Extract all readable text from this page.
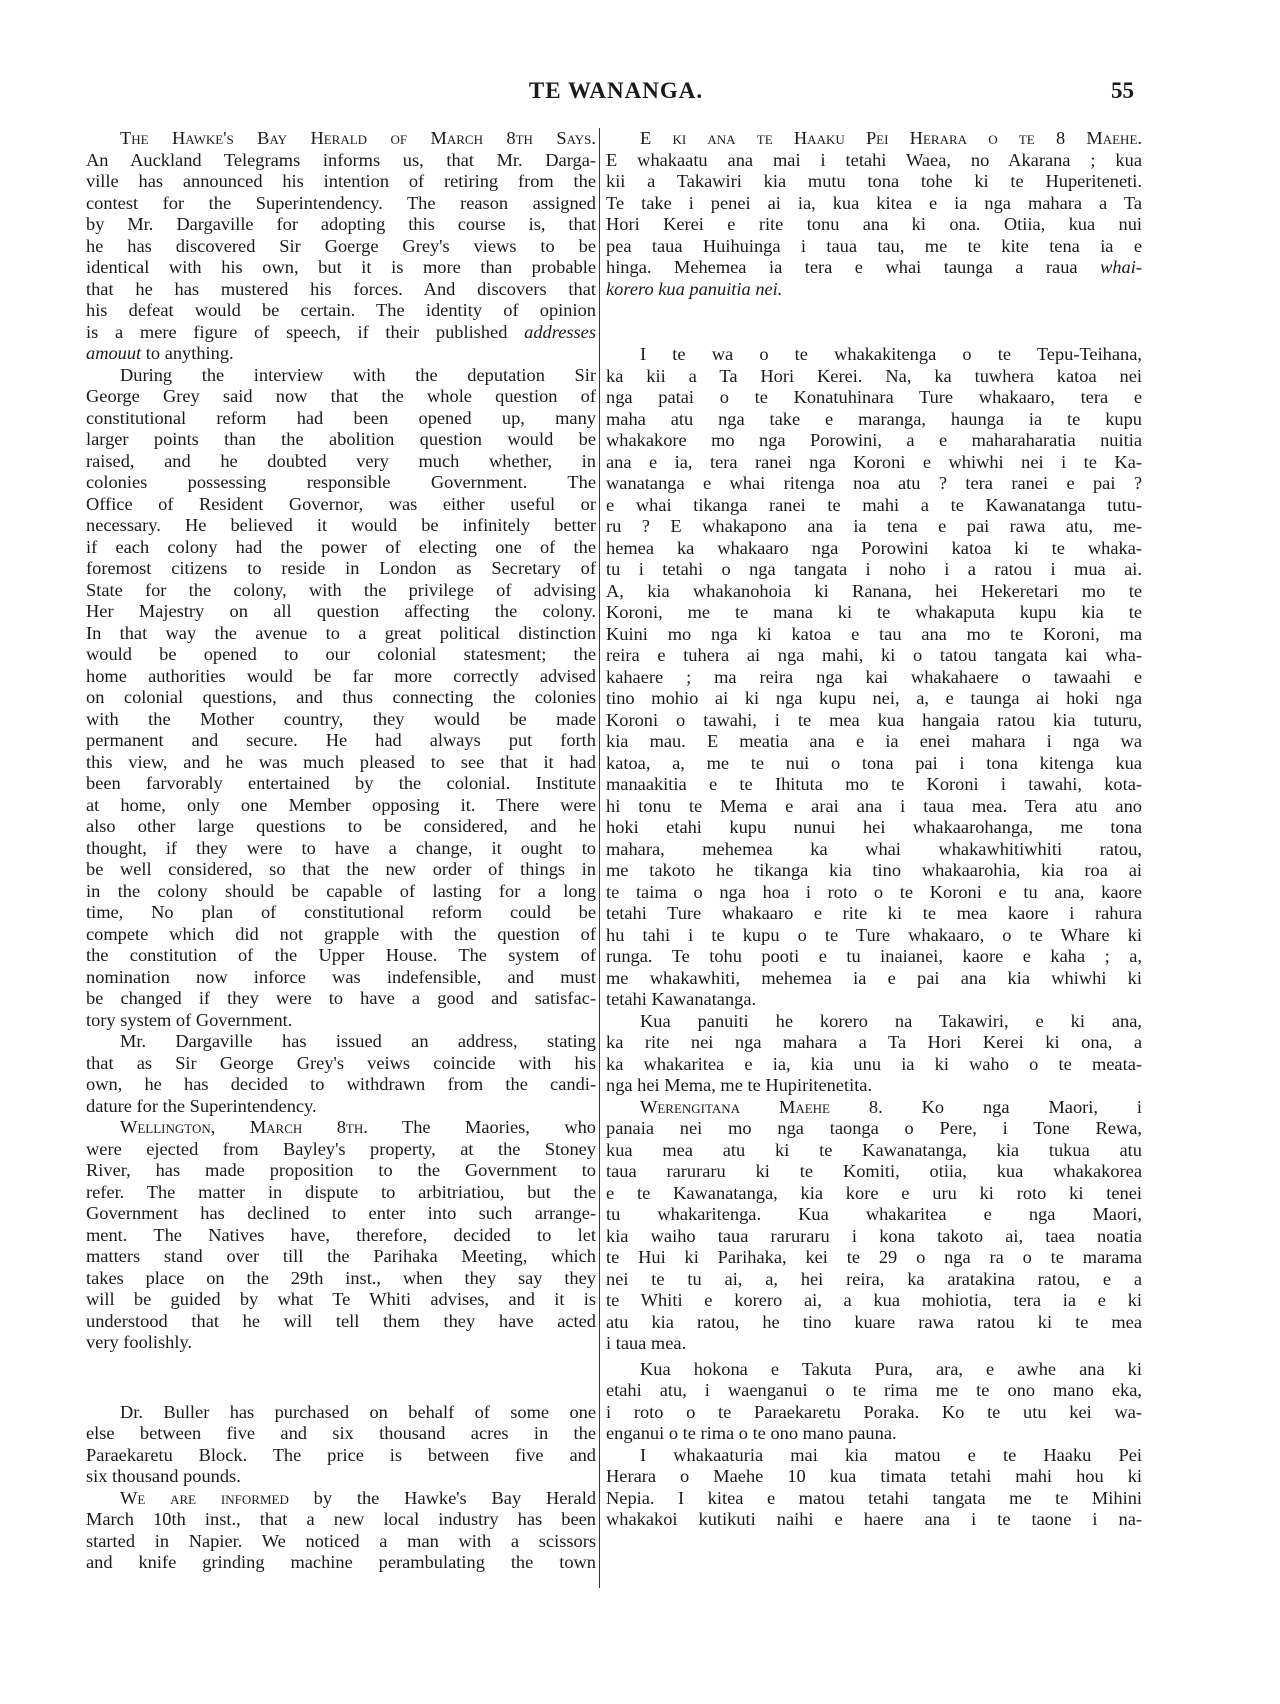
TE WANANGA.	55
The Hawke's Bay Herald of March 8th Says.
An Auckland Telegrams informs us, that Mr. Darga-
ville has announced his intention of retiring from the
contest for the Superintendency. The reason assigned
by Mr. Dargaville for adopting this course is, that
he has discovered Sir Goerge Grey's views to be
identical with his own, but it is more than probable
that he has mustered his forces. And discovers that
his defeat would be certain. The identity of opinion
is a mere figure of speech, if their published addresses
amouut to anything.
During the interview with the deputation Sir
George Grey said now that the whole question of
constitutional reform had been opened up, many
larger points than the abolition question would be
raised, and he doubted very much whether, in
colonies possessing responsible Government. The
Office of Resident Governor, was either useful or
necessary. He believed it would be infinitely better
if each colony had the power of electing one of the
foremost citizens to reside in London as Secretary of
State for the colony, with the privilege of advising
Her Majestry on all question affecting the colony.
In that way the avenue to a great political distinction
would be opened to our colonial statesment; the
home authorities would be far more correctly advised
on colonial questions, and thus connecting the colonies
with the Mother country, they would be made
permanent and secure. He had always put forth
this view, and he was much pleased to see that it had
been farvorably entertained by the colonial. Institute
at home, only one Member opposing it. There were
also other large questions to be considered, and he
thought, if they were to have a change, it ought to
be well considered, so that the new order of things in
in the colony should be capable of lasting for a long
time, No plan of constitutional reform could be
compete which did not grapple with the question of
the constitution of the Upper House. The system of
nomination now inforce was indefensible, and must
be changed if they were to have a good and satisfac-
tory system of Government.
Mr. Dargaville has issued an address, stating
that as Sir George Grey's veiws coincide with his
own, he has decided to withdrawn from the candi-
dature for the Superintendency.
Wellington, March 8th. The Maories, who
were ejected from Bayley's property, at the Stoney
River, has made proposition to the Government to
refer. The matter in dispute to arbitriatiou, but the
Government has declined to enter into such arrange-
ment. The Natives have, therefore, decided to let
matters stand over till the Parihaka Meeting, which
takes place on the 29th inst., when they say they
will be guided by what Te Whiti advises, and it is
understood that he will tell them they have acted
very foolishly.
Dr. Buller has purchased on behalf of some one
else between five and six thousand acres in the
Paraekaretu Block. The price is between five and
six thousand pounds.
We are informed by the Hawke's Bay Herald
March 10th inst., that a new local industry has been
started in Napier. We noticed a man with a scissors
and knife grinding machine perambulating the town
E ki ana te Haaku Pei Herara o te 8 Maehe.
E whakaatu ana mai i tetahi Waea, no Akarana ; kua
kii a Takawiri kia mutu tona tohe ki te Huperiteneti.
Te take i penei ai ia, kua kitea e ia nga mahara a Ta
Hori Kerei e rite tonu ana ki ona. Otiia, kua nui
pea taua Huihuinga i taua tau, me te kite tena ia e
hinga. Mehemea ia tera e whai taunga a raua whai-
korero kua panuitia nei.
I te wa o te whakakitenga o te Tepu-Teihana,
ka kii a Ta Hori Kerei. Na, ka tuwhera katoa nei
nga patai o te Konatuhinara Ture whakaaro, tera e
maha atu nga take e maranga, haunga ia te kupu
whakakore mo nga Porowini, a e maharaharatia nuitia
ana e ia, tera ranei nga Koroni e whiwhi nei i te Ka-
wanatanga e whai ritenga noa atu ? tera ranei e pai ?
e whai tikanga ranei te mahi a te Kawanatanga tutu-
ru ? E whakapono ana ia tena e pai rawa atu, me-
hemea ka whakaaro nga Porowini katoa ki te whaka-
tu i tetahi o nga tangata i noho i a ratou i mua ai.
A, kia whakanohoia ki Ranana, hei Hekeretari mo te
Koroni, me te mana ki te whakaputa kupu kia te
Kuini mo nga ki katoa e tau ana mo te Koroni, ma
reira e tuhera ai nga mahi, ki o tatou tangata kai wha-
kahaere ; ma reira nga kai whakahaere o tawaahi e
tino mohio ai ki nga kupu nei, a, e taunga ai hoki nga
Koroni o tawahi, i te mea kua hangaia ratou kia tuturu,
kia mau. E meatia ana e ia enei mahara i nga wa
katoa, a, me te nui o tona pai i tona kitenga kua
manaakitia e te Ihituta mo te Koroni i tawahi, kota-
hi tonu te Mema e arai ana i taua mea. Tera atu ano
hoki etahi kupu nunui hei whakaarohanga, me tona
mahara, mehemea ka whai whakawhitiwhiti ratou,
me takoto he tikanga kia tino whakaarohia, kia roa ai
te taima o nga hoa i roto o te Koroni e tu ana, kaore
tetahi Ture whakaaro e rite ki te mea kaore i rahura
hu tahi i te kupu o te Ture whakaaro, o te Whare ki
runga. Te tohu pooti e tu inaianei, kaore e kaha ; a,
me whakawhiti, mehemea ia e pai ana kia whiwhi ki
tetahi Kawanatanga.
Kua panuiti he korero na Takawiri, e ki ana,
ka rite nei nga mahara a Ta Hori Kerei ki ona, a
ka whakaritea e ia, kia unu ia ki waho o te meata-
nga hei Mema, me te Hupiritenetita.
Werengitana Maehe 8. Ko nga Maori, i
panaia nei mo nga taonga o Pere, i Tone Rewa,
kua mea atu ki te Kawanatanga, kia tukua atu
taua raruraru ki te Komiti, otiia, kua whakakorea
e te Kawanatanga, kia kore e uru ki roto ki tenei
tu whakaritenga. Kua whakaritea e nga Maori,
kia waiho taua raruraru i kona takoto ai, taea noatia
te Hui ki Parihaka, kei te 29 o nga ra o te marama
nei te tu ai, a, hei reira, ka aratakina ratou, e a
te Whiti e korero ai, a kua mohiotia, tera ia e ki
atu kia ratou, he tino kuare rawa ratou ki te mea
i taua mea.
Kua hokona e Takuta Pura, ara, e awhe ana ki
etahi atu, i waenganui o te rima me te ono mano eka,
i roto o te Paraekaretu Poraka. Ko te utu kei wa-
enganui o te rima o te ono mano pauna.
I whakaaturia mai kia matou e te Haaku Pei
Herara o Maehe 10 kua timata tetahi mahi hou ki
Nepia. I kitea e matou tetahi tangata me te Mihini
whakakoi kutikuti naihi e haere ana i te taone i na-
